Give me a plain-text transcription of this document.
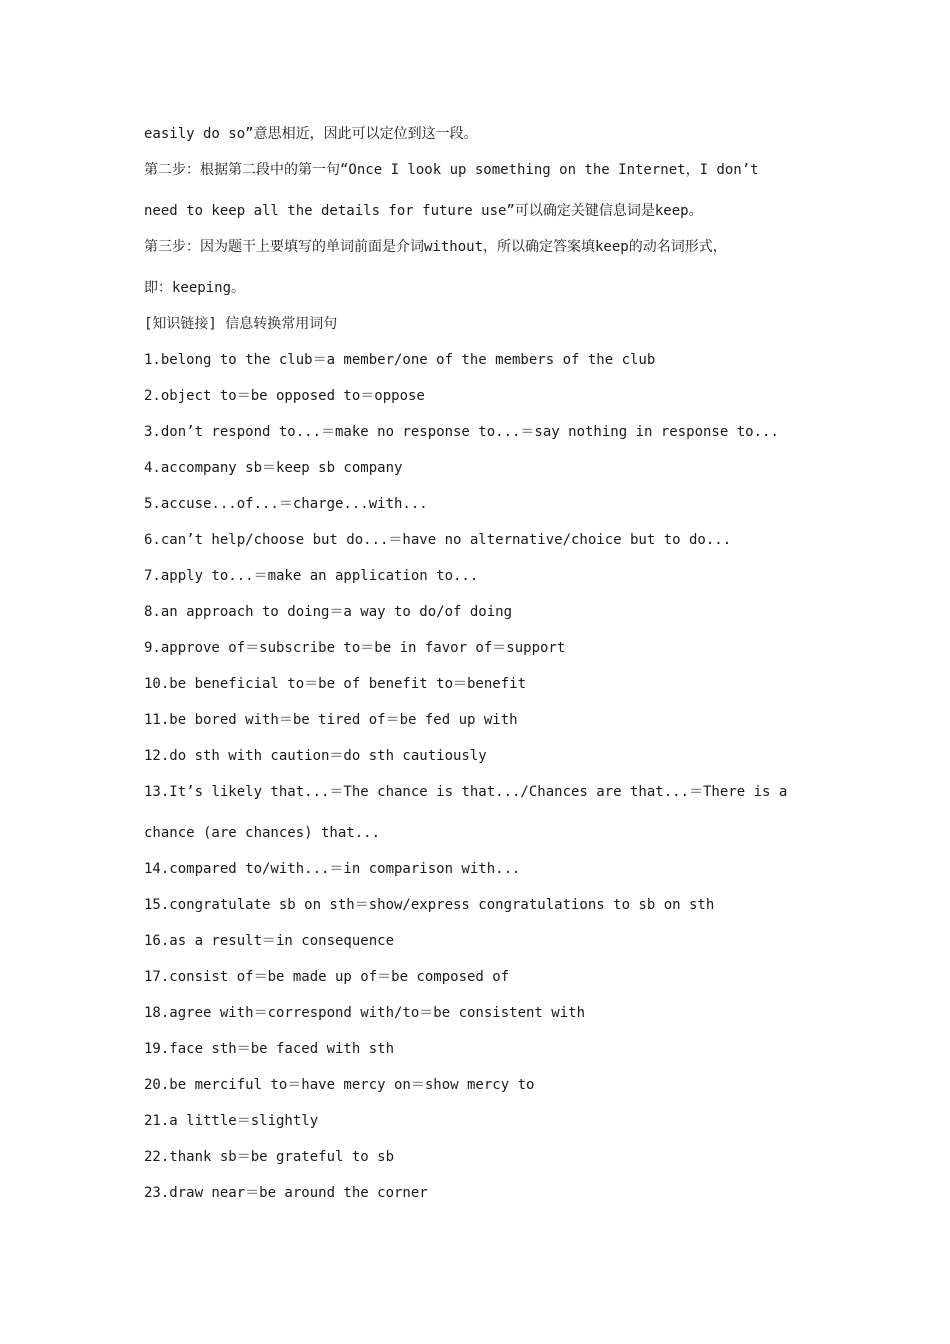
easily do so”意思相近，因此可以定位到这一段。

第二步：根据第二段中的第一句“Once I look up something on the Internet，I don’t

need to keep all the details for future use”可以确定关键信息词是keep。

第三步：因为题干上要填写的单词前面是介词without，所以确定答案填keep的动名词形式，

即：keeping。

[知识链接] 信息转换常用词句

1.belong to the club＝a member/one of the members of the club

2.object to＝be opposed to＝oppose

3.don’t respond to...＝make no response to...＝say nothing in response to...

4.accompany sb＝keep sb company

5.accuse...of...＝charge...with...

6.can’t help/choose but do...＝have no alternative/choice but to do...

7.apply to...＝make an application to...

8.an approach to doing＝a way to do/of doing

9.approve of＝subscribe to＝be in favor of＝support

10.be beneficial to＝be of benefit to＝benefit

11.be bored with＝be tired of＝be fed up with

12.do sth with caution＝do sth cautiously

13.It’s likely that...＝The chance is that.../Chances are that...＝There is a

chance (are chances) that...

14.compared to/with...＝in comparison with...

15.congratulate sb on sth＝show/express congratulations to sb on sth

16.as a result＝in consequence

17.consist of＝be made up of＝be composed of

18.agree with＝correspond with/to＝be consistent with

19.face sth＝be faced with sth

20.be merciful to＝have mercy on＝show mercy to

21.a little＝slightly

22.thank sb＝be grateful to sb

23.draw near＝be around the corner
